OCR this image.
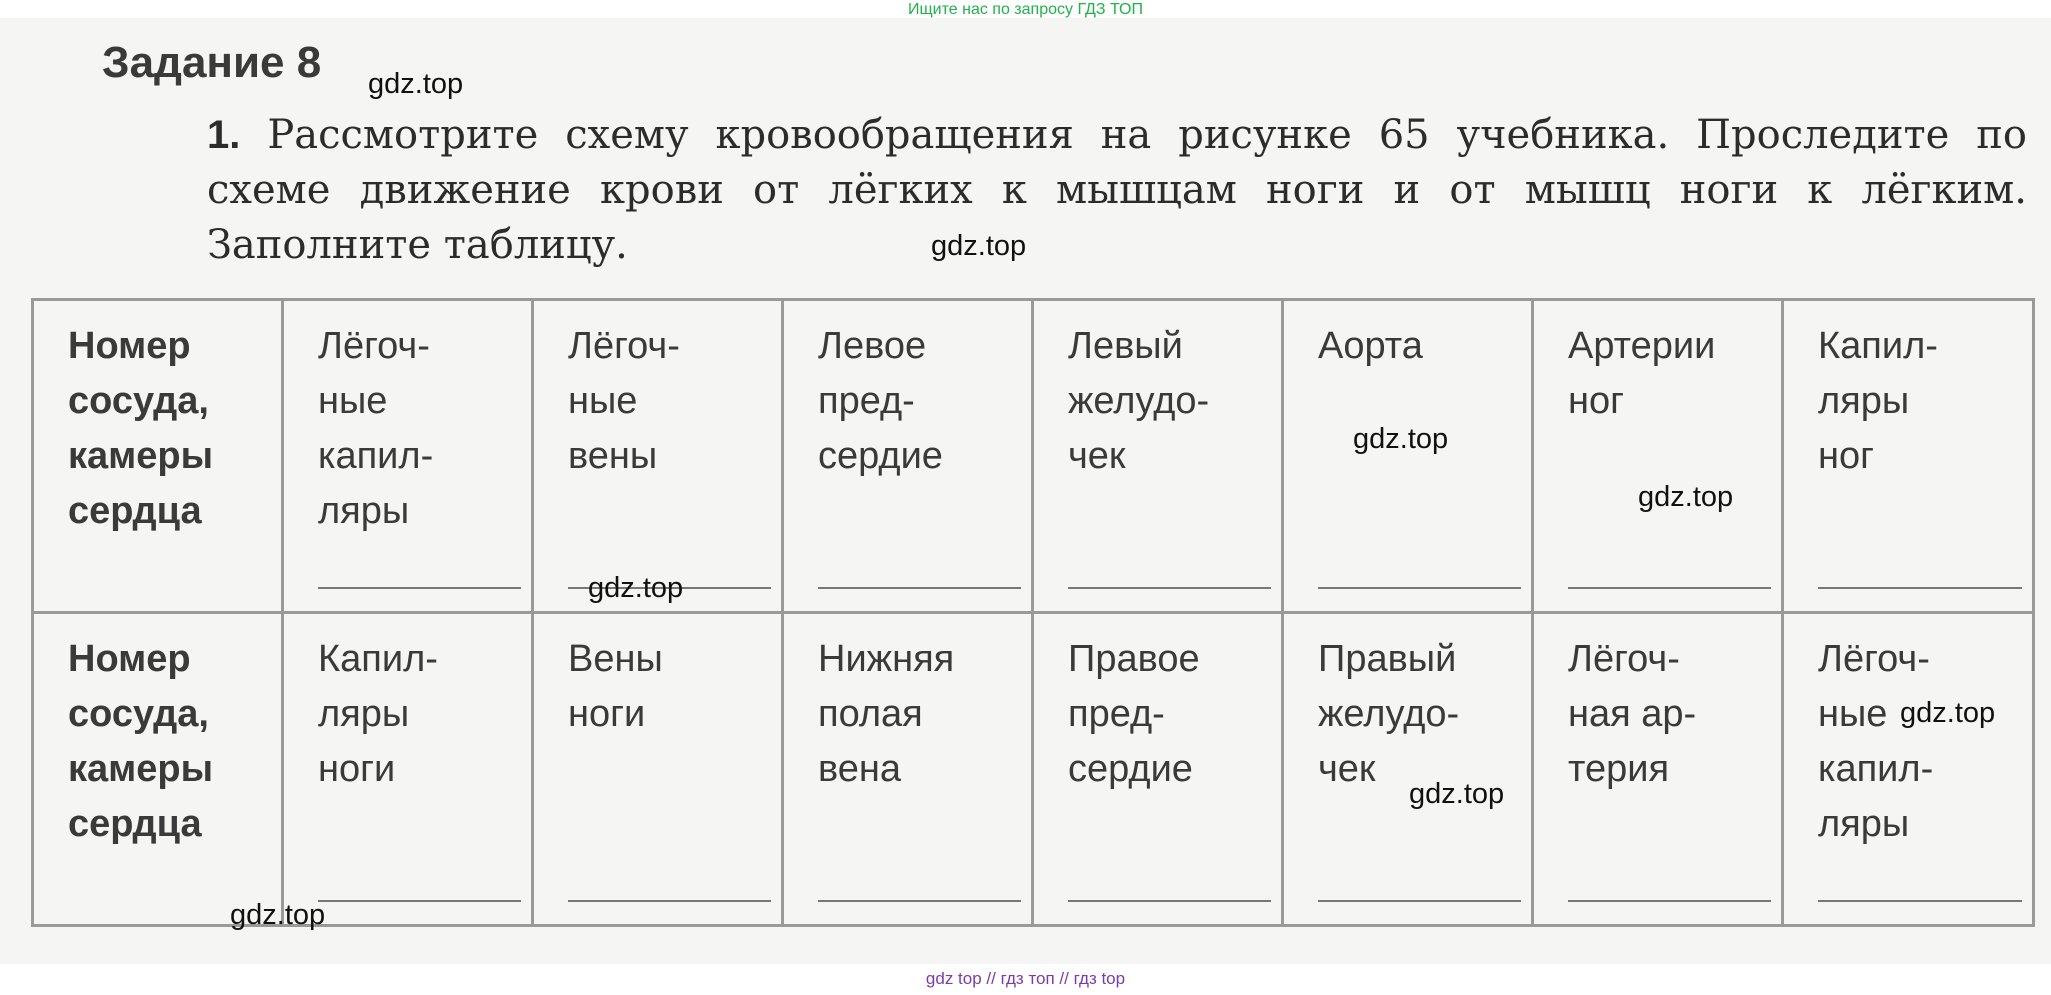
Ищите нас по запросу ГДЗ ТОП
Задание 8
1. Рассмотрите схему кровообращения на рисунке 65 учебника. Проследите по схеме движение крови от лёгких к мышцам ноги и от мышц ноги к лёгким. Заполните таблицу.
Номер
сосуда,
камеры
сердца	Лёгоч-
ные
капил-
ляры	Лёгоч-
ные
вены	Левое
пред-
сердие	Левый
желудо-
чек	Аорта	Артерии
ног	Капил-
ляры
ног

Номер
сосуда,
камеры
сердца	Капил-
ляры
ноги	Вены
ноги	Нижняя
полая
вена	Правое
пред-
сердие	Правый
желудо-
чек	Лёгоч-
ная ар-
терия	Лёгоч-
ные
капил-
ляры
gdz.top
gdz.top
gdz.top
gdz.top
gdz.top
gdz.top
gdz.top
gdz.top
gdz top // гдз топ // гдз top
